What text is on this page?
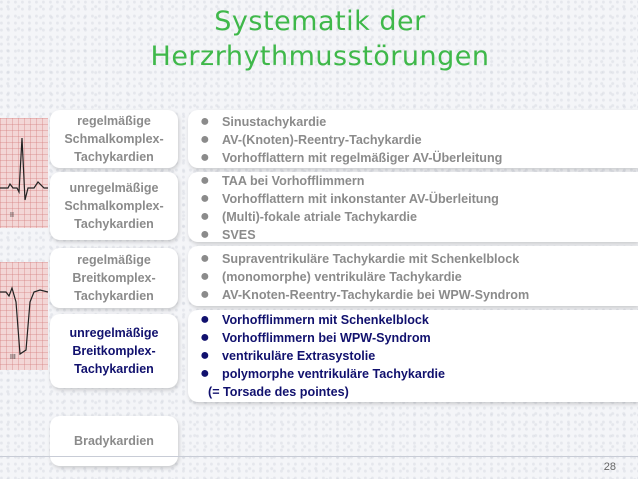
Systematik der
Herzrhythmusstörungen
II
III
regelmäßige
Schmalkomplex-
Tachykardien
● Sinustachykardie
● AV-(Knoten)-Reentry-Tachykardie
● Vorhofflattern mit regelmäßiger AV-Überleitung
unregelmäßige
Schmalkomplex-
Tachykardien
● TAA bei Vorhofflimmern
● Vorhofflattern mit inkonstanter AV-Überleitung
● (Multi)-fokale atriale Tachykardie
● SVES
regelmäßige
Breitkomplex-
Tachykardien
● Supraventrikuläre Tachykardie mit Schenkelblock
● (monomorphe) ventrikuläre Tachykardie
● AV-Knoten-Reentry-Tachykardie bei WPW-Syndrom
unregelmäßige
Breitkomplex-
Tachykardien
● Vorhofflimmern mit Schenkelblock
● Vorhofflimmern bei WPW-Syndrom
● ventrikuläre Extrasystolie
● polymorphe ventrikuläre Tachykardie
(= Torsade des pointes)
Bradykardien
28
